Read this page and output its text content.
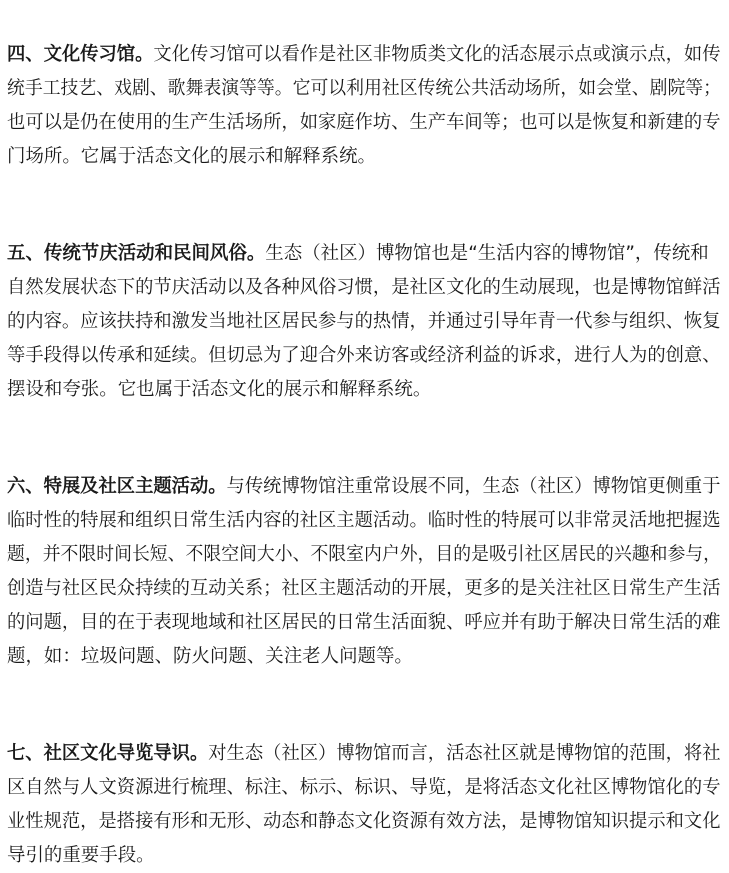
四、文化传习馆。文化传习馆可以看作是社区非物质类文化的活态展示点或演示点，如传
统手工技艺、戏剧、歌舞表演等等。它可以利用社区传统公共活动场所，如会堂、剧院等；
也可以是仍在使用的生产生活场所，如家庭作坊、生产车间等；也可以是恢复和新建的专
门场所。它属于活态文化的展示和解释系统。
五、传统节庆活动和民间风俗。生态（社区）博物馆也是“生活内容的博物馆”，传统和
自然发展状态下的节庆活动以及各种风俗习惯，是社区文化的生动展现，也是博物馆鲜活
的内容。应该扶持和激发当地社区居民参与的热情，并通过引导年青一代参与组织、恢复
等手段得以传承和延续。但切忌为了迎合外来访客或经济利益的诉求，进行人为的创意、
摆设和夸张。它也属于活态文化的展示和解释系统。
六、特展及社区主题活动。与传统博物馆注重常设展不同，生态（社区）博物馆更侧重于
临时性的特展和组织日常生活内容的社区主题活动。临时性的特展可以非常灵活地把握选
题，并不限时间长短、不限空间大小、不限室内户外，目的是吸引社区居民的兴趣和参与，
创造与社区民众持续的互动关系；社区主题活动的开展，更多的是关注社区日常生产生活
的问题，目的在于表现地域和社区居民的日常生活面貌、呼应并有助于解决日常生活的难
题，如：垃圾问题、防火问题、关注老人问题等。
七、社区文化导览导识。对生态（社区）博物馆而言，活态社区就是博物馆的范围，将社
区自然与人文资源进行梳理、标注、标示、标识、导览，是将活态文化社区博物馆化的专
业性规范，是搭接有形和无形、动态和静态文化资源有效方法，是博物馆知识提示和文化
导引的重要手段。
